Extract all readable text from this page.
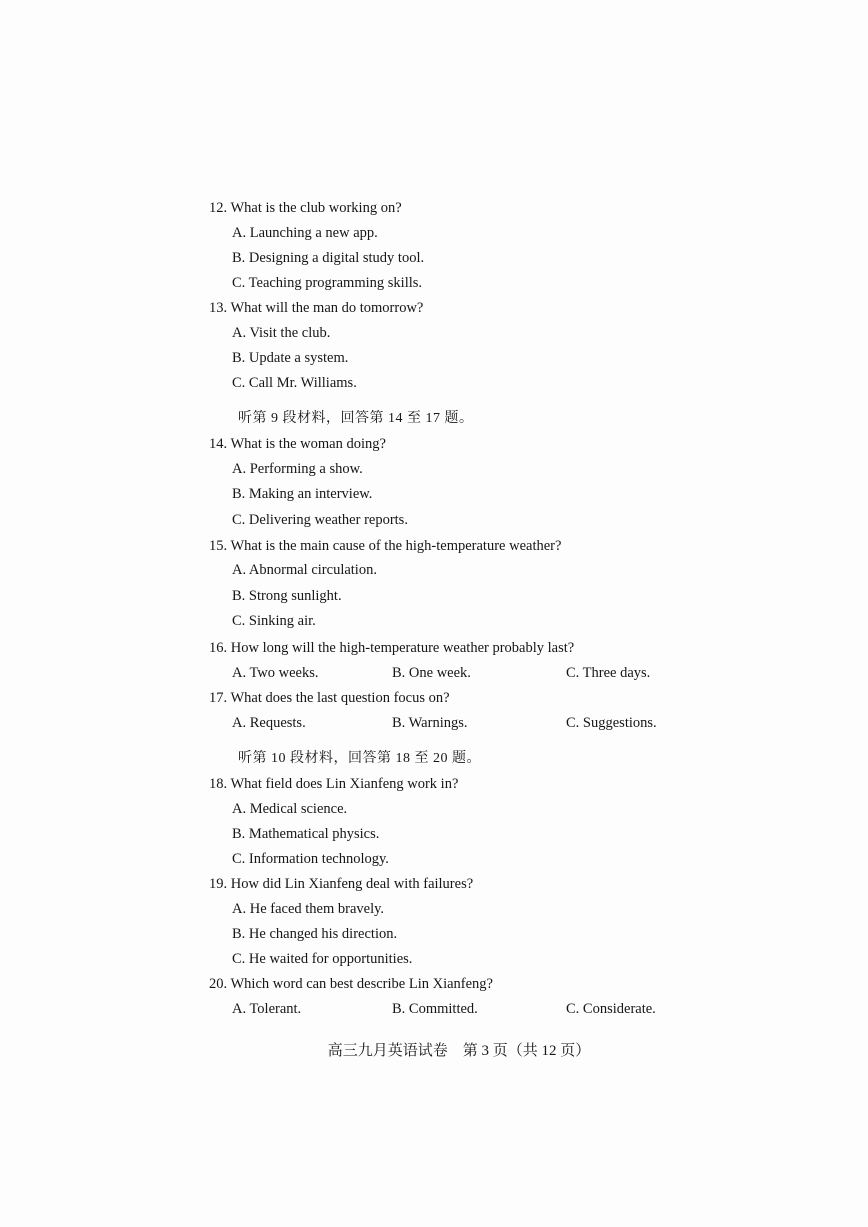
12. What is the club working on?
A. Launching a new app.
B. Designing a digital study tool.
C. Teaching programming skills.
13. What will the man do tomorrow?
A. Visit the club.
B. Update a system.
C. Call Mr. Williams.
听第 9 段材料，回答第 14 至 17 题。
14. What is the woman doing?
A. Performing a show.
B. Making an interview.
C. Delivering weather reports.
15. What is the main cause of the high-temperature weather?
A. Abnormal circulation.
B. Strong sunlight.
C. Sinking air.
16. How long will the high-temperature weather probably last?
A. Two weeks.	B. One week.	C. Three days.
17. What does the last question focus on?
A. Requests.	B. Warnings.	C. Suggestions.
听第 10 段材料，回答第 18 至 20 题。
18. What field does Lin Xianfeng work in?
A. Medical science.
B. Mathematical physics.
C. Information technology.
19. How did Lin Xianfeng deal with failures?
A. He faced them bravely.
B. He changed his direction.
C. He waited for opportunities.
20. Which word can best describe Lin Xianfeng?
A. Tolerant.	B. Committed.	C. Considerate.
高三九月英语试卷　第 3 页（共 12 页）
